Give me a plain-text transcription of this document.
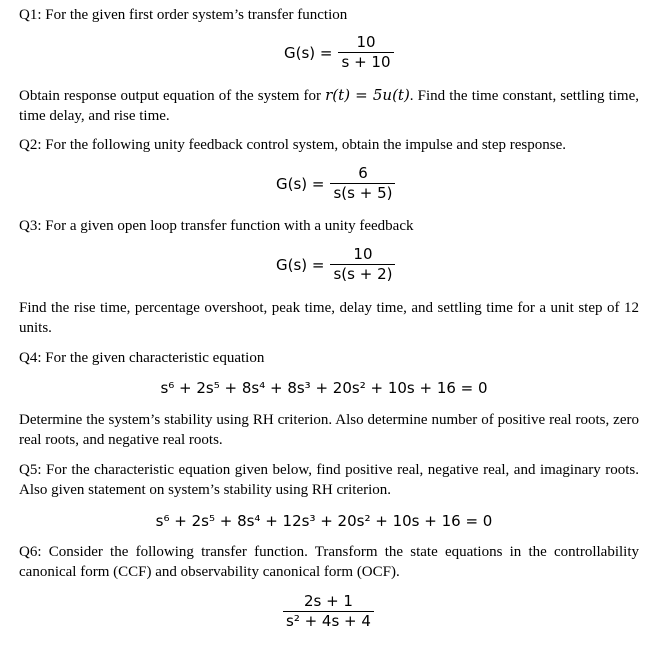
Q1: For the given first order system’s transfer function
$G(s) = \frac{10}{s + 10}$
Obtain response output equation of the system for r(t) = 5u(t). Find the time constant, settling time, time delay, and rise time.
Q2: For the following unity feedback control system, obtain the impulse and step response.
$G(s) = \frac{6}{s(s + 5)}$
Q3: For a given open loop transfer function with a unity feedback
$G(s) = \frac{10}{s(s + 2)}$
Find the rise time, percentage overshoot, peak time, delay time, and settling time for a unit step of 12 units.
Q4: For the given characteristic equation
s⁶ + 2s⁵ + 8s⁴ + 8s³ + 20s² + 10s + 16 = 0
Determine the system’s stability using RH criterion. Also determine number of positive real roots, zero real roots, and negative real roots.
Q5: For the characteristic equation given below, find positive real, negative real, and imaginary roots. Also given statement on system’s stability using RH criterion.
s⁶ + 2s⁵ + 8s⁴ + 12s³ + 20s² + 10s + 16 = 0
Q6: Consider the following transfer function. Transform the state equations in the controllability canonical form (CCF) and observability canonical form (OCF).
$\frac{2s + 1}{\text{s² + 4s + 4}}$
